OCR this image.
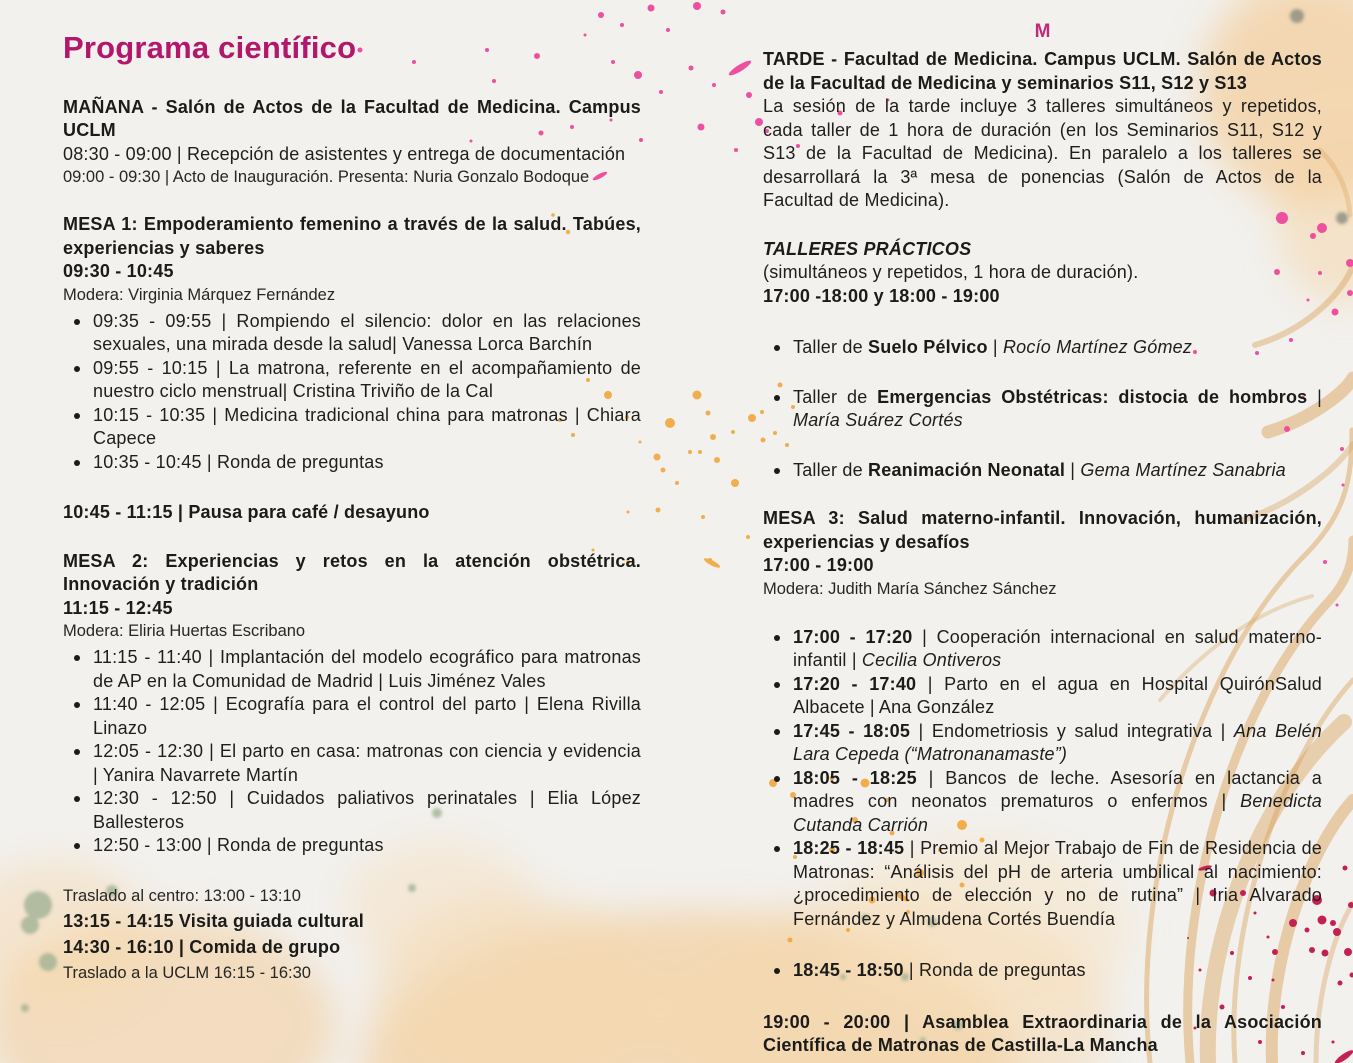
Programa científico

MAÑANA - Salón de Actos de la Facultad de Medicina. Campus UCLM

08:30 - 09:00 | Recepción de asistentes y entrega de documentación

09:00 - 09:30 | Acto de Inauguración. Presenta: Nuria Gonzalo Bodoque

MESA 1: Empoderamiento femenino a través de la salud. Tabúes, experiencias y saberes

09:30 - 10:45

Modera: Virginia Márquez Fernández

09:35 - 09:55 | Rompiendo el silencio: dolor en las relaciones sexuales, una mirada desde la salud| Vanessa Lorca Barchín
09:55 - 10:15 | La matrona, referente en el acompañamiento de nuestro ciclo menstrual| Cristina Triviño de la Cal
10:15 - 10:35 | Medicina tradicional china para matronas | Chiara Capece
10:35 - 10:45 | Ronda de preguntas

10:45 - 11:15 | Pausa para café / desayuno

MESA 2: Experiencias y retos en la atención obstétrica. Innovación y tradición

11:15 - 12:45

Modera: Eliria Huertas Escribano

11:15 - 11:40 | Implantación del modelo ecográfico para matronas de AP en la Comunidad de Madrid | Luis Jiménez Vales
11:40 - 12:05 | Ecografía para el control del parto | Elena Rivilla Linazo
12:05 - 12:30 | El parto en casa: matronas con ciencia y evidencia | Yanira Navarrete Martín
12:30 - 12:50 | Cuidados paliativos perinatales | Elia López Ballesteros
12:50 - 13:00 | Ronda de preguntas
Traslado al centro: 13:00 - 13:10
13:15 - 14:15 Visita guiada cultural
14:30 - 16:10 | Comida de grupo
Traslado a la UCLM 16:15 - 16:30
M

TARDE - Facultad de Medicina. Campus UCLM. Salón de Actos de la Facultad de Medicina y seminarios S11, S12 y S13

La sesión de la tarde incluye 3 talleres simultáneos y repetidos, cada taller de 1 hora de duración (en los Seminarios S11, S12 y S13 de la Facultad de Medicina). En paralelo a los talleres se desarrollará la 3ª mesa de ponencias (Salón de Actos de la Facultad de Medicina).

TALLERES PRÁCTICOS

(simultáneos y repetidos, 1 hora de duración).

17:00 -18:00 y 18:00 - 19:00

Taller de Suelo Pélvico | Rocío Martínez Gómez
Taller de Emergencias Obstétricas: distocia de hombros | María Suárez Cortés
Taller de Reanimación Neonatal | Gema Martínez Sanabria

MESA 3: Salud materno-infantil. Innovación, humanización, experiencias y desafíos

17:00 - 19:00

Modera: Judith María Sánchez Sánchez

17:00 - 17:20 | Cooperación internacional en salud materno-infantil | Cecilia Ontiveros
17:20 - 17:40 | Parto en el agua en Hospital QuirónSalud Albacete | Ana González
17:45 - 18:05 | Endometriosis y salud integrativa | Ana Belén Lara Cepeda (“Matronanamaste”)
18:05 - 18:25 | Bancos de leche. Asesoría en lactancia a madres con neonatos prematuros o enfermos | Benedicta Cutanda Carrión
18:25 - 18:45 | Premio al Mejor Trabajo de Fin de Residencia de Matronas: “Análisis del pH de arteria umbilical al nacimiento: ¿procedimiento de elección y no de rutina” | Iria Alvarado Fernández y Almudena Cortés Buendía
18:45 - 18:50 | Ronda de preguntas

19:00 - 20:00 | Asamblea Extraordinaria de la Asociación Científica de Matronas de Castilla-La Mancha
